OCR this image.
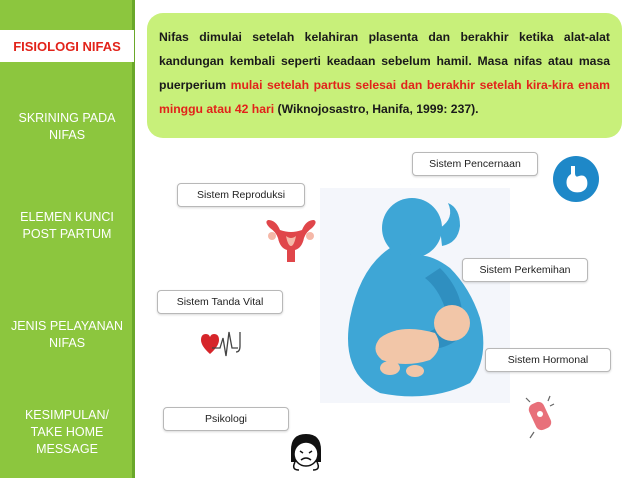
FISIOLOGI NIFAS
SKRINING PADA
NIFAS
ELEMEN KUNCI
POST PARTUM
JENIS PELAYANAN
NIFAS
KESIMPULAN/
TAKE HOME
MESSAGE
Nifas dimulai setelah kelahiran plasenta dan berakhir ketika alat-alat kandungan kembali seperti keadaan sebelum hamil. Masa nifas atau masa puerperium mulai setelah partus selesai dan berakhir setelah kira-kira enam minggu atau 42 hari (Wiknojosastro, Hanifa, 1999: 237).
Sistem Pencernaan
Sistem Reproduksi
Sistem Perkemihan
Sistem Tanda Vital
Sistem Hormonal
Psikologi
